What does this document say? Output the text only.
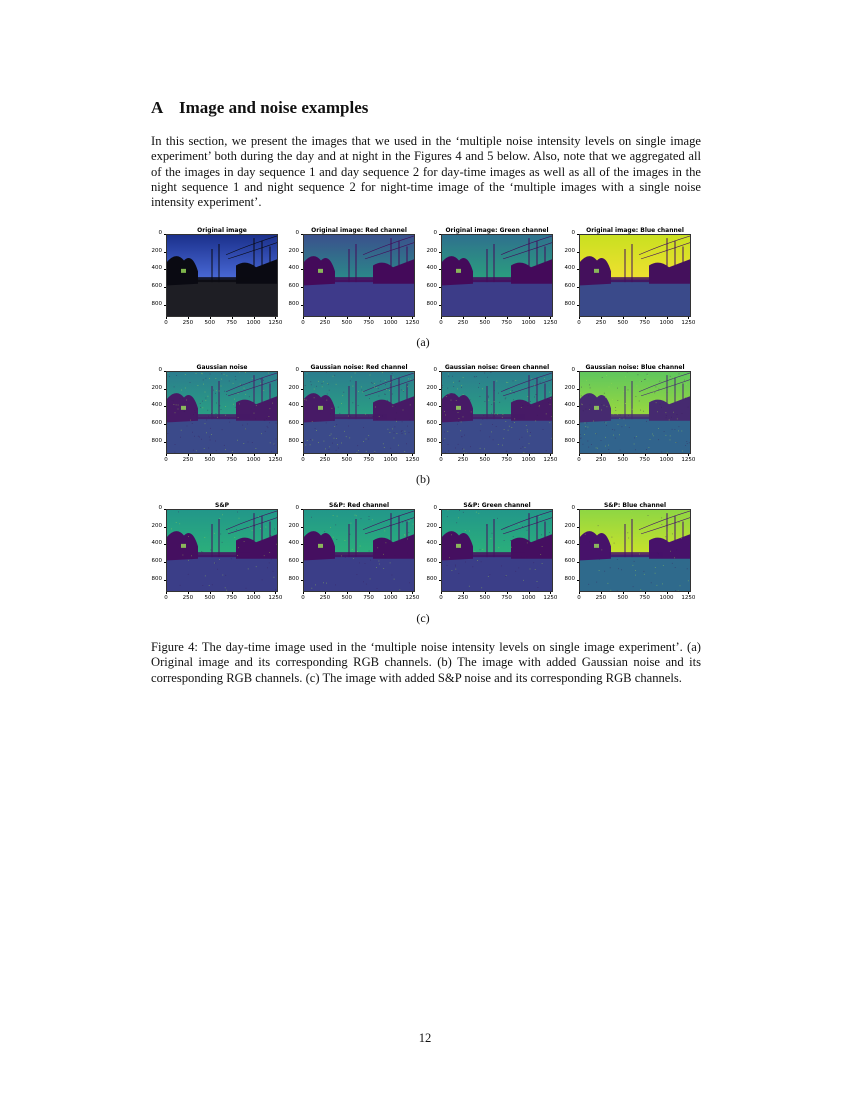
A Image and noise examples

In this section, we present the images that we used in the ‘multiple noise intensity levels on single image experiment’ both during the day and at night in the Figures 4 and 5 below. Also, note that we aggregated all of the images in day sequence 1 and day sequence 2 for day-time images as well as all of the images in the night sequence 1 and night sequence 2 for night-time image of the ‘multiple images with a single noise intensity experiment’.

Original image
0
200
400
600
800
0	250	500	750	1000	1250
Original image: Red channel
0
200
400
600
800
0	250	500	750	1000	1250
Original image: Green channel
0
200
400
600
800
0	250	500	750	1000	1250
Original image: Blue channel
0
200
400
600
800
0	250	500	750	1000	1250
(a)
Gaussian noise
0
200
400
600
800
0	250	500	750	1000	1250
Gaussian noise: Red channel
0
200
400
600
800
0	250	500	750	1000	1250
Gaussian noise: Green channel
0
200
400
600
800
0	250	500	750	1000	1250
Gaussian noise: Blue channel
0
200
400
600
800
0	250	500	750	1000	1250
(b)
S&P
0
200
400
600
800
0	250	500	750	1000	1250
S&P: Red channel
0
200
400
600
800
0	250	500	750	1000	1250
S&P: Green channel
0
200
400
600
800
0	250	500	750	1000	1250
S&P: Blue channel
0
200
400
600
800
0	250	500	750	1000	1250
(c)

Figure 4: The day-time image used in the ‘multiple noise intensity levels on single image experiment’. (a) Original image and its corresponding RGB channels. (b) The image with added Gaussian noise and its corresponding RGB channels. (c) The image with added S&P noise and its corresponding RGB channels.

12
